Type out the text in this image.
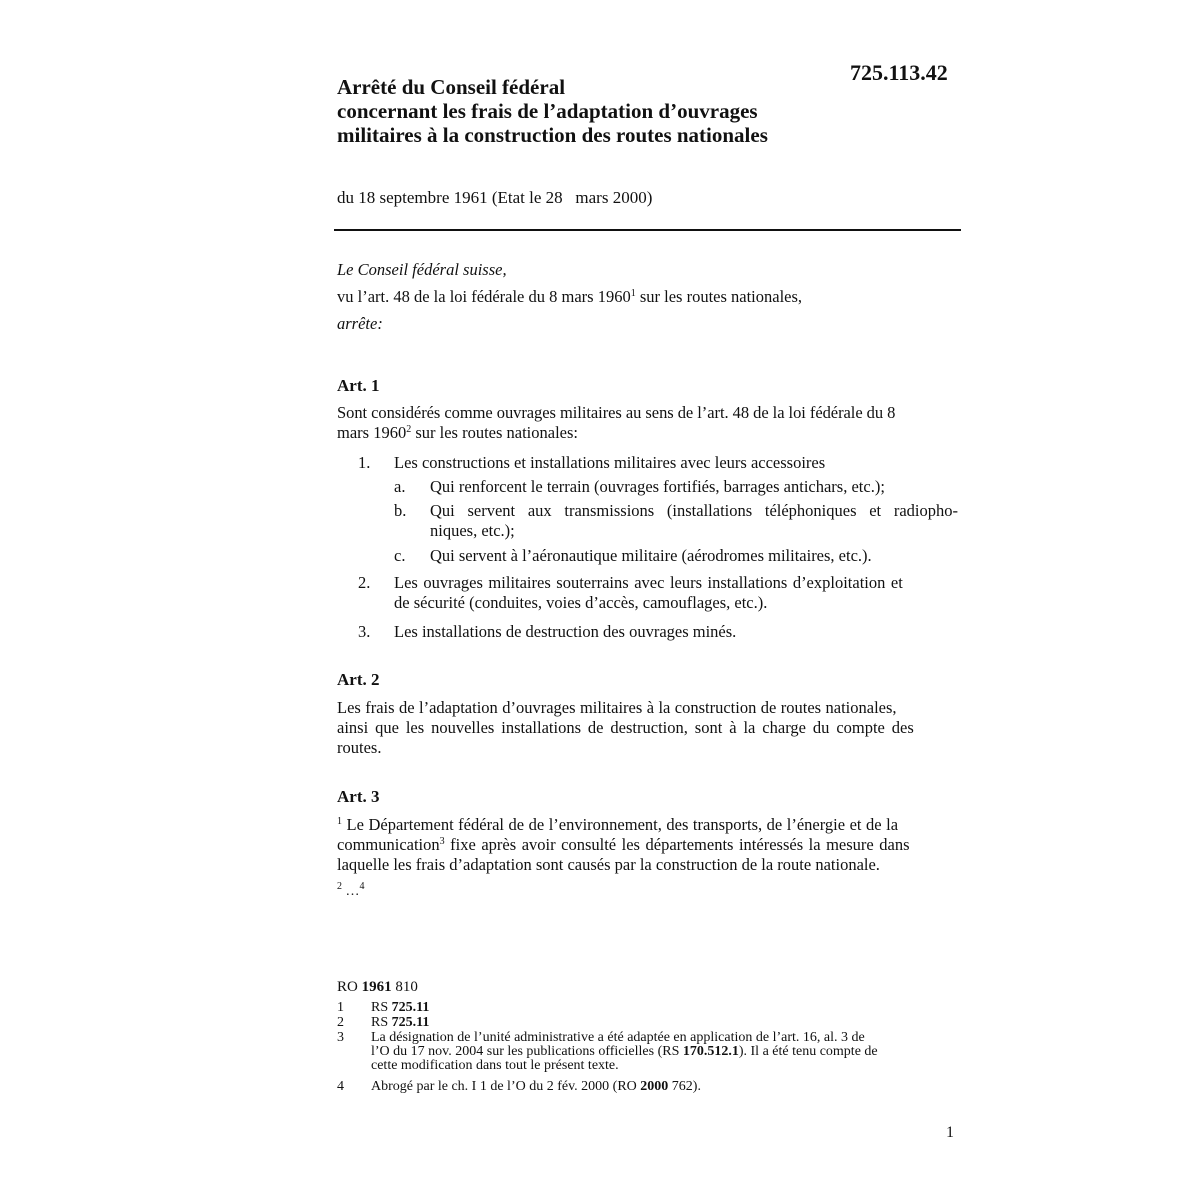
725.113.42
Arrêté du Conseil fédéral
concernant les frais de l’adaptation d’ouvrages
militaires à la construction des routes nationales
du 18 septembre 1961 (Etat le 28   mars 2000)
Le Conseil fédéral suisse,
vu l’art. 48 de la loi fédérale du 8 mars 1960$^1$ sur les routes nationales,
arrête:
Art. 1
Sont considérés comme ouvrages militaires au sens de l’art. 48 de la loi fédérale du 8
mars 1960$^2$ sur les routes nationales:
1. Les constructions et installations militaires avec leurs accessoires
a. Qui renforcent le terrain (ouvrages fortifiés, barrages antichars, etc.);
b. Qui servent aux transmissions (installations téléphoniques et radiopho-
niques, etc.);
c. Qui servent à l’aéronautique militaire (aérodromes militaires, etc.).
2. Les ouvrages militaires souterrains avec leurs installations d’exploitation et
de sécurité (conduites, voies d’accès, camouflages, etc.).
3. Les installations de destruction des ouvrages minés.
Art. 2
Les frais de l’adaptation d’ouvrages militaires à la construction de routes nationales,
ainsi que les nouvelles installations de destruction, sont à la charge du compte des
routes.
Art. 3
$^1$ Le Département fédéral de de l’environnement, des transports, de l’énergie et de la
communication$^3$ fixe après avoir consulté les départements intéressés la mesure dans
laquelle les frais d’adaptation sont causés par la construction de la route nationale.
$^2$ …$^4$
RO 1961 810
1 RS 725.11
2 RS 725.11
3 La désignation de l’unité administrative a été adaptée en application de l’art. 16, al. 3 de
l’O du 17 nov. 2004 sur les publications officielles (RS 170.512.1). Il a été tenu compte de
cette modification dans tout le présent texte.
4 Abrogé par le ch. I 1 de l’O du 2 fév. 2000 (RO 2000 762).
1
